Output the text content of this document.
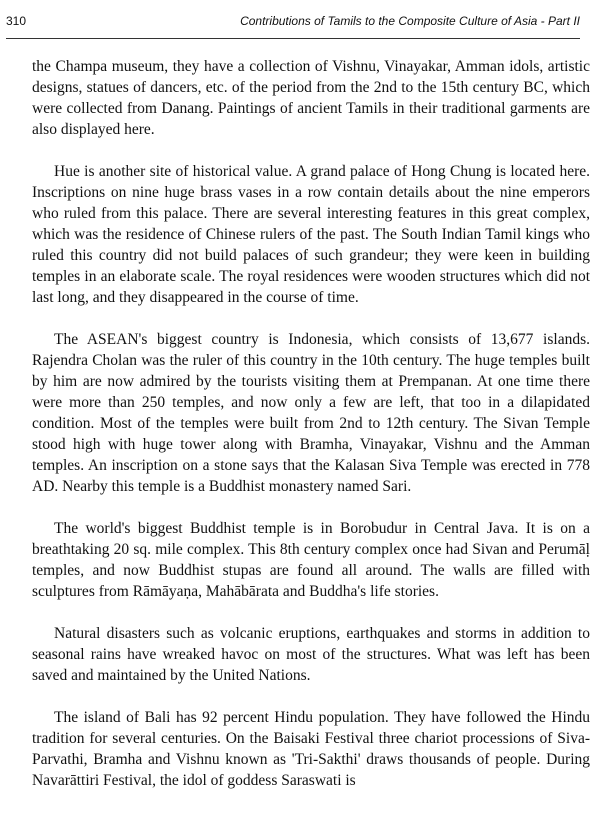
310	Contributions of Tamils to the Composite Culture of Asia - Part II

the Champa museum, they have a collection of Vishnu, Vinayakar, Amman idols, artistic designs, statues of dancers, etc. of the period from the 2nd to the 15th century BC, which were collected from Danang. Paintings of ancient Tamils in their traditional garments are also displayed here.

Hue is another site of historical value. A grand palace of Hong Chung is located here. Inscriptions on nine huge brass vases in a row contain details about the nine emperors who ruled from this palace. There are several interesting features in this great complex, which was the residence of Chinese rulers of the past. The South Indian Tamil kings who ruled this country did not build palaces of such grandeur; they were keen in building temples in an elaborate scale. The royal residences were wooden structures which did not last long, and they disappeared in the course of time.

The ASEAN's biggest country is Indonesia, which consists of 13,677 islands. Rajendra Cholan was the ruler of this country in the 10th century. The huge temples built by him are now admired by the tourists visiting them at Prempanan. At one time there were more than 250 temples, and now only a few are left, that too in a dilapidated condition. Most of the temples were built from 2nd to 12th century. The Sivan Temple stood high with huge tower along with Bramha, Vinayakar, Vishnu and the Amman temples. An inscription on a stone says that the Kalasan Siva Temple was erected in 778 AD. Nearby this temple is a Buddhist monastery named Sari.

The world's biggest Buddhist temple is in Borobudur in Central Java. It is on a breathtaking 20 sq. mile complex. This 8th century complex once had Sivan and Perumāḷ temples, and now Buddhist stupas are found all around. The walls are filled with sculptures from Rāmāyaṇa, Mahābārata and Buddha's life stories.

Natural disasters such as volcanic eruptions, earthquakes and storms in addition to seasonal rains have wreaked havoc on most of the structures. What was left has been saved and maintained by the United Nations.

The island of Bali has 92 percent Hindu population. They have followed the Hindu tradition for several centuries. On the Baisaki Festival three chariot processions of Siva-Parvathi, Bramha and Vishnu known as 'Tri-Sakthi' draws thousands of people. During Navarāttiri Festival, the idol of goddess Saraswati is
